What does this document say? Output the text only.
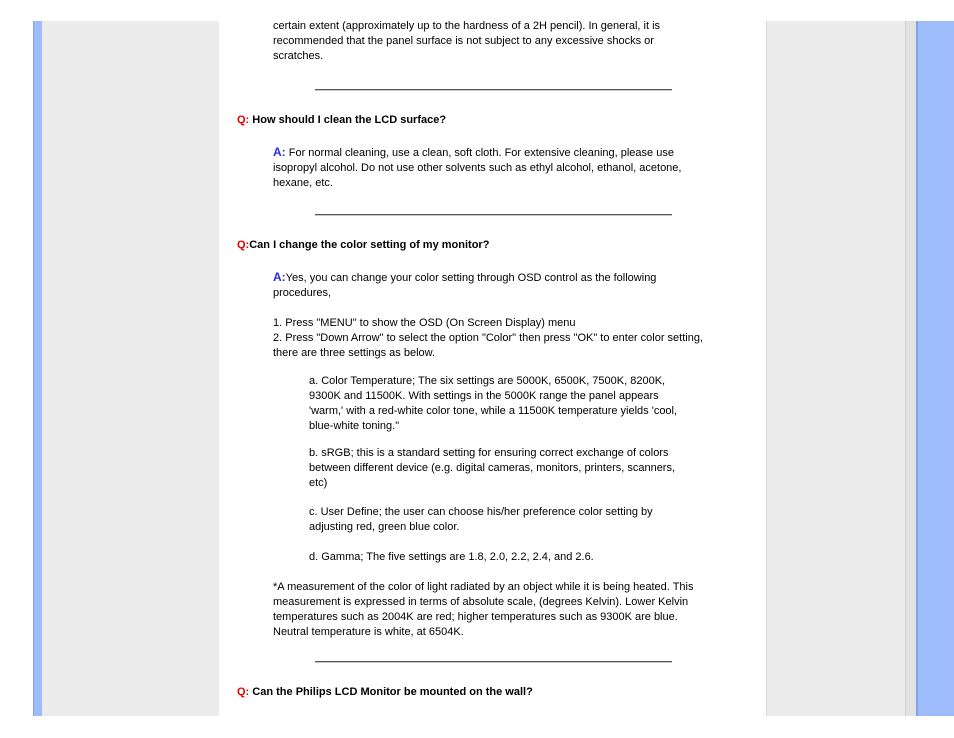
certain extent (approximately up to the hardness of a 2H pencil). In general, it is recommended that the panel surface is not subject to any excessive shocks or scratches.

Q: How should I clean the LCD surface?

A: For normal cleaning, use a clean, soft cloth. For extensive cleaning, please use isopropyl alcohol. Do not use other solvents such as ethyl alcohol, ethanol, acetone, hexane, etc.

Q:Can I change the color setting of my monitor?

A:Yes, you can change your color setting through OSD control as the following procedures,

1. Press "MENU" to show the OSD (On Screen Display) menu
2. Press "Down Arrow" to select the option "Color" then press "OK" to enter color setting, there are three settings as below.

a. Color Temperature; The six settings are 5000K, 6500K, 7500K, 8200K, 9300K and 11500K. With settings in the 5000K range the panel appears 'warm,' with a red-white color tone, while a 11500K temperature yields 'cool, blue-white toning."

b. sRGB; this is a standard setting for ensuring correct exchange of colors between different device (e.g. digital cameras, monitors, printers, scanners, etc)

c. User Define; the user can choose his/her preference color setting by adjusting red, green blue color.

d. Gamma; The five settings are 1.8, 2.0, 2.2, 2.4, and 2.6.

*A measurement of the color of light radiated by an object while it is being heated. This measurement is expressed in terms of absolute scale, (degrees Kelvin). Lower Kelvin temperatures such as 2004K are red; higher temperatures such as 9300K are blue. Neutral temperature is white, at 6504K.

Q: Can the Philips LCD Monitor be mounted on the wall?
